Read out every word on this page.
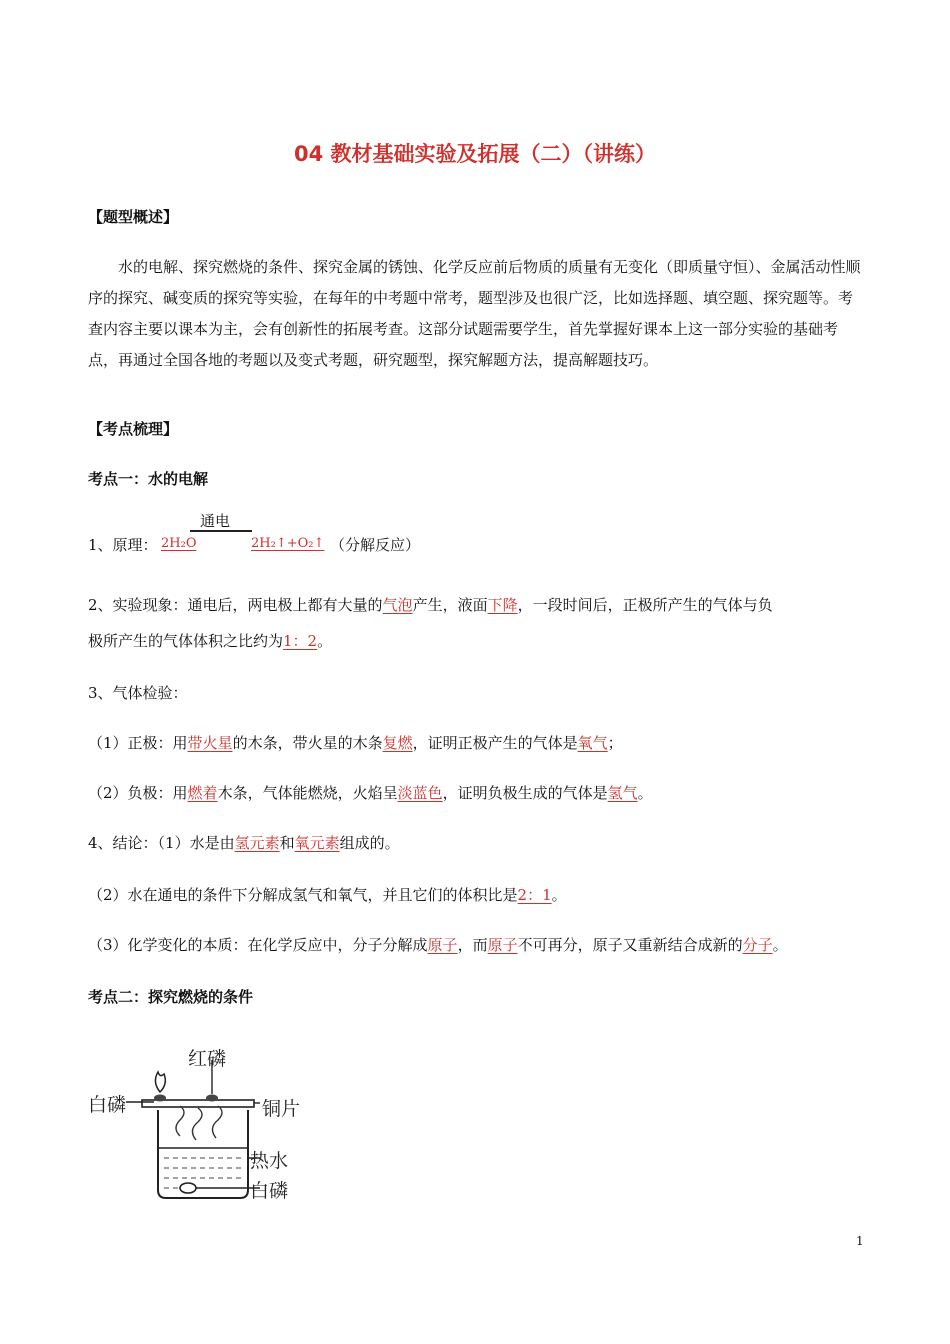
04 教材基础实验及拓展（二）（讲练）
【题型概述】
水的电解、探究燃烧的条件、探究金属的锈蚀、化学反应前后物质的质量有无变化（即质量守恒）、金属活动性顺序的探究、碱变质的探究等实验，在每年的中考题中常考，题型涉及也很广泛，比如选择题、填空题、探究题等。考查内容主要以课本为主，会有创新性的拓展考查。这部分试题需要学生，首先掌握好课本上这一部分实验的基础考点，再通过全国各地的考题以及变式考题，研究题型，探究解题方法，提高解题技巧。
【考点梳理】
考点一：水的电解
1、原理： 2H₂O
通电
2H₂↑+O₂↑ （分解反应）
2、实验现象：通电后，两电极上都有大量的气泡产生，液面下降，一段时间后，正极所产生的气体与负
极所产生的气体体积之比约为1：2。
3、气体检验：
（1）正极：用带火星的木条，带火星的木条复燃，证明正极产生的气体是氧气；
（2）负极：用燃着木条，气体能燃烧，火焰呈淡蓝色，证明负极生成的气体是氢气。
4、结论：（1）水是由氢元素和氧元素组成的。
（2）水在通电的条件下分解成氢气和氧气，并且它们的体积比是2：1。
（3）化学变化的本质：在化学反应中，分子分解成原子，而原子不可再分，原子又重新结合成新的分子。
考点二：探究燃烧的条件
红磷
白磷	铜片
热水
白磷
1
